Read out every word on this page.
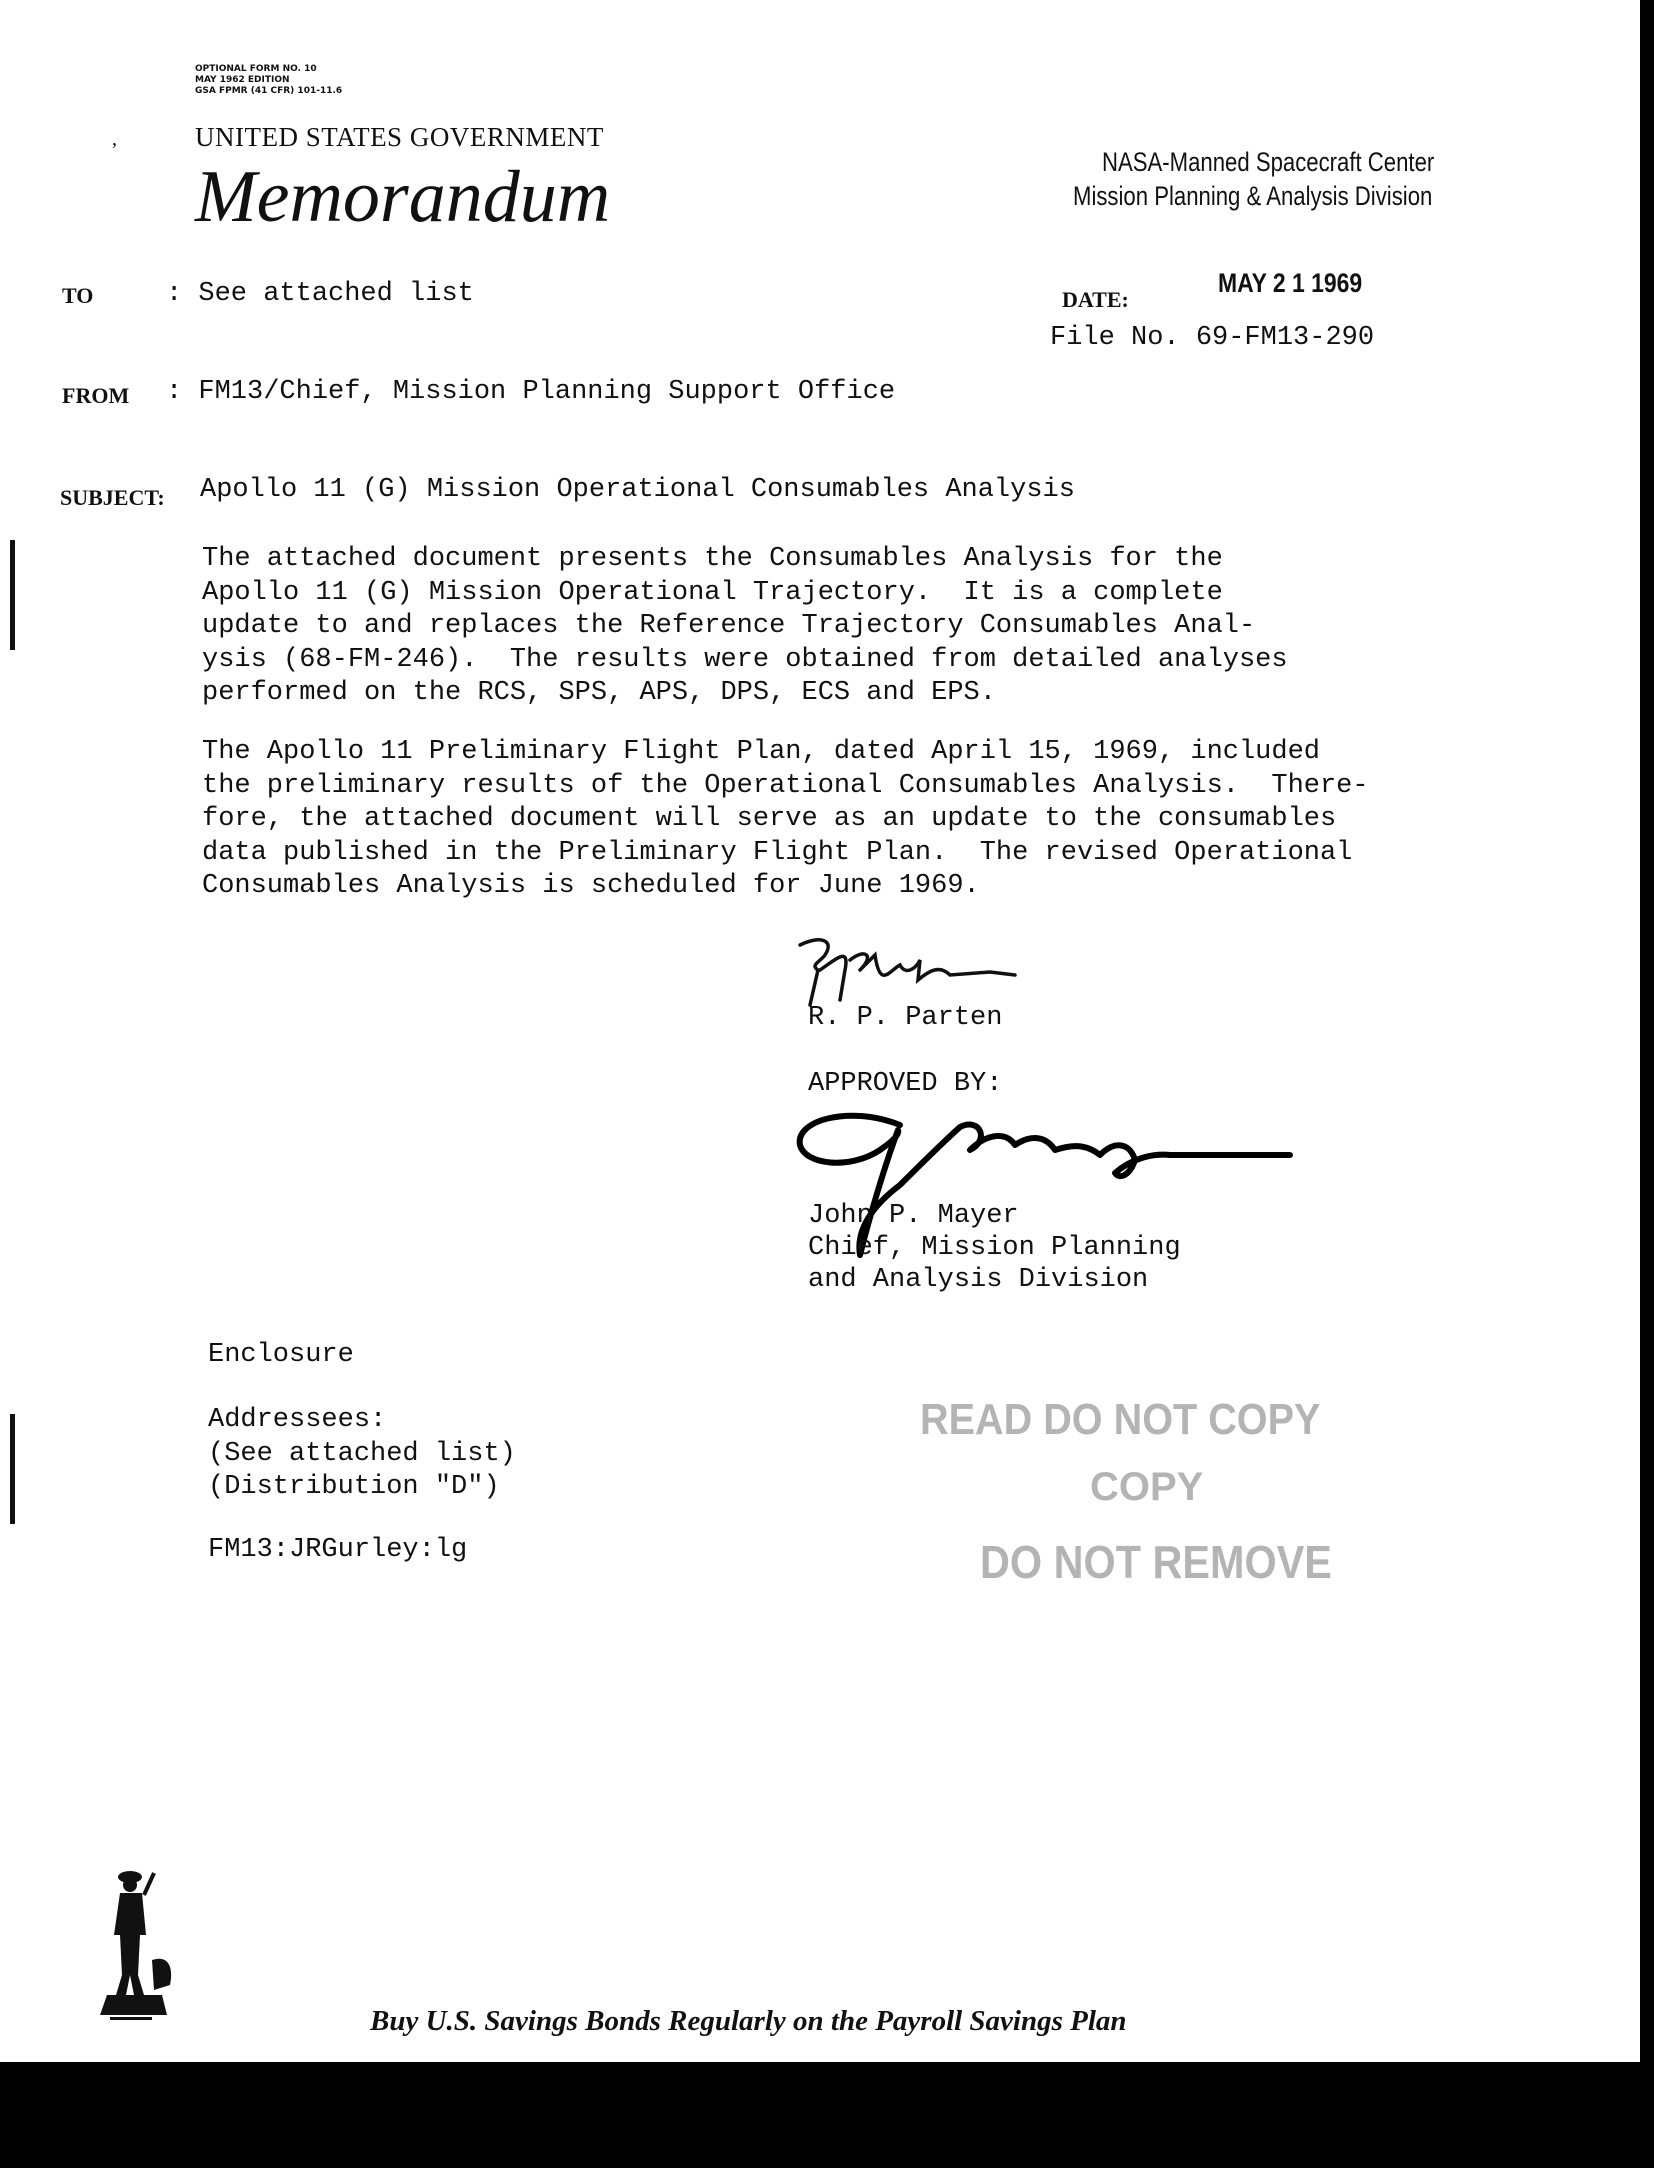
OPTIONAL FORM NO. 10
MAY 1962 EDITION
GSA FPMR (41 CFR) 101-11.6
,	UNITED STATES GOVERNMENT
Memorandum	NASA-Manned Spacecraft Center
Mission Planning & Analysis Division
TO	: See attached list	DATE:
MAY 2 1 1969
File No. 69-FM13-290
FROM : FM13/Chief, Mission Planning Support Office
SUBJECT: Apollo 11 (G) Mission Operational Consumables Analysis
The attached document presents the Consumables Analysis for the
Apollo 11 (G) Mission Operational Trajectory.  It is a complete
update to and replaces the Reference Trajectory Consumables Anal-
ysis (68-FM-246).  The results were obtained from detailed analyses
performed on the RCS, SPS, APS, DPS, ECS and EPS.
The Apollo 11 Preliminary Flight Plan, dated April 15, 1969, included
the preliminary results of the Operational Consumables Analysis.  There-
fore, the attached document will serve as an update to the consumables
data published in the Preliminary Flight Plan.  The revised Operational
Consumables Analysis is scheduled for June 1969.
R. P. Parten
APPROVED BY:
John P. Mayer
Chief, Mission Planning
and Analysis Division
Enclosure
Addressees:
(See attached list)
(Distribution "D")
FM13:JRGurley:lg
READ DO NOT COPY
COPY
DO NOT REMOVE
Buy U.S. Savings Bonds Regularly on the Payroll Savings Plan
